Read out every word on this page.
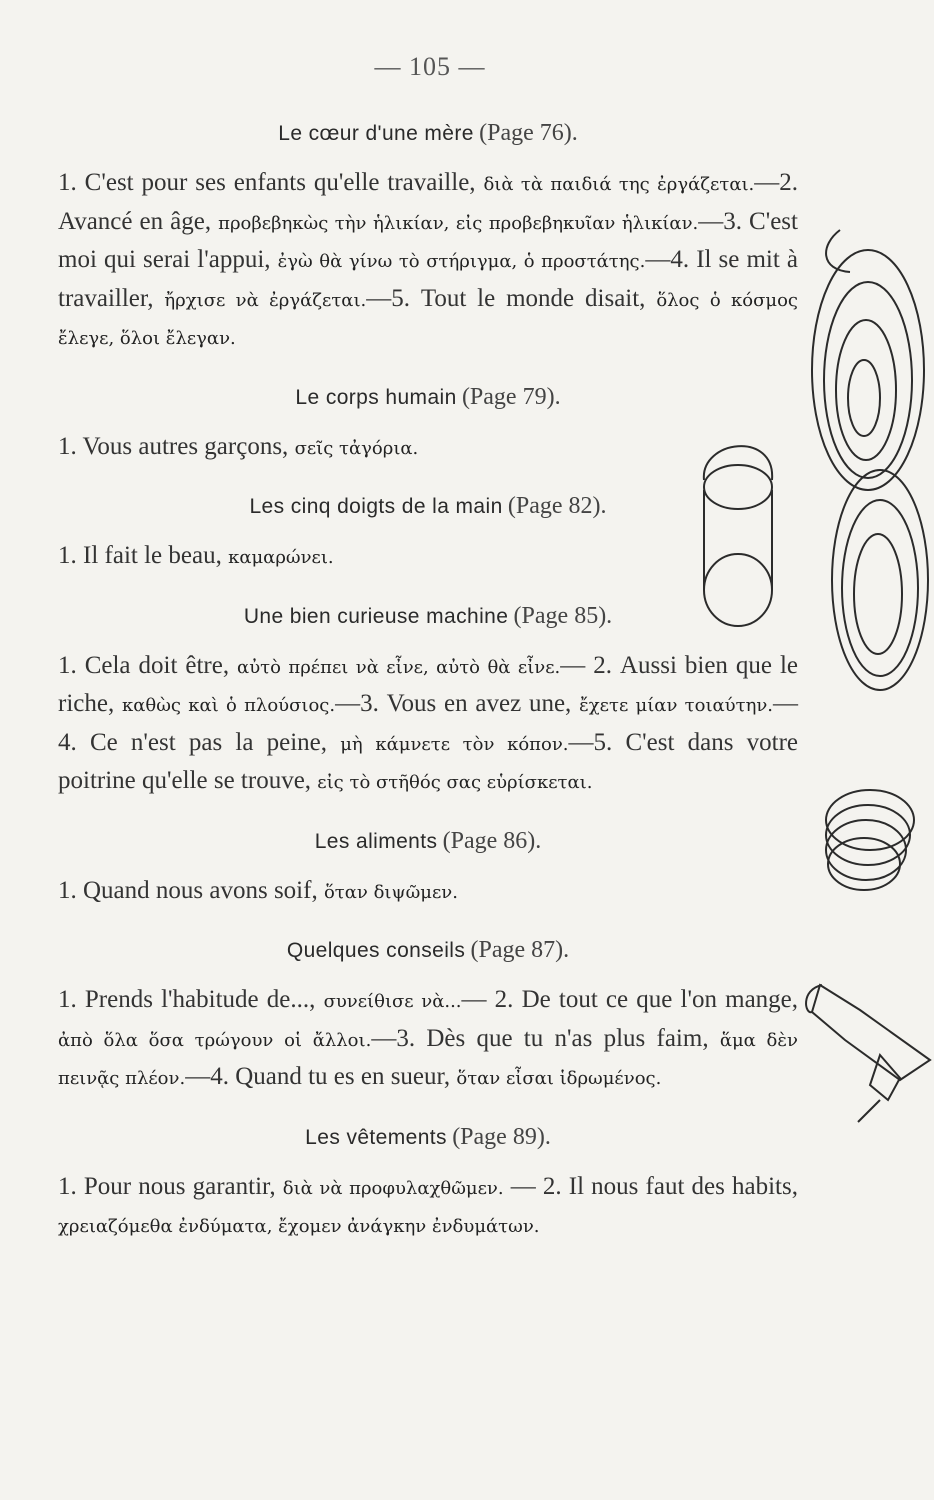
— 105 —
Le cœur d'une mère (Page 76).

1. C'est pour ses enfants qu'elle travaille, διὰ τὰ παιδιά της ἐργάζεται.—2. Avancé en âge, προβεβηκὼς τὴν ἡλικίαν, εἰς προβεβηκυῖαν ἡλικίαν.—3. C'est moi qui serai l'appui, ἐγὼ θὰ γίνω τὸ στήριγμα, ὁ προστάτης.—4. Il se mit à travailler, ἤρχισε νὰ ἐργάζεται.—5. Tout le monde disait, ὅλος ὁ κόσμος ἔλεγε, ὅλοι ἔλεγαν.

Le corps humain (Page 79).

1. Vous autres garçons, σεῖς τἀγόρια.

Les cinq doigts de la main (Page 82).

1. Il fait le beau, καμαρώνει.

Une bien curieuse machine (Page 85).

1. Cela doit être, αὐτὸ πρέπει νὰ εἶνε, αὐτὸ θὰ εἶνε.— 2. Aussi bien que le riche, καθὼς καὶ ὁ πλούσιος.—3. Vous en avez une, ἔχετε μίαν τοιαύτην.—4. Ce n'est pas la peine, μὴ κάμνετε τὸν κόπον.—5. C'est dans votre poitrine qu'elle se trouve, εἰς τὸ στῆθός σας εὑρίσκεται.

Les aliments (Page 86).

1. Quand nous avons soif, ὅταν διψῶμεν.

Quelques conseils (Page 87).

1. Prends l'habitude de..., συνείθισε νὰ...— 2. De tout ce que l'on mange, ἀπὸ ὅλα ὅσα τρώγουν οἱ ἄλλοι.—3. Dès que tu n'as plus faim, ἅμα δὲν πεινᾷς πλέον.—4. Quand tu es en sueur, ὅταν εἶσαι ἱδρωμένος.

Les vêtements (Page 89).

1. Pour nous garantir, διὰ νὰ προφυλαχθῶμεν. — 2. Il nous faut des habits, χρειαζόμεθα ἐνδύματα, ἔχομεν ἀνάγκην ἐνδυμάτων.
